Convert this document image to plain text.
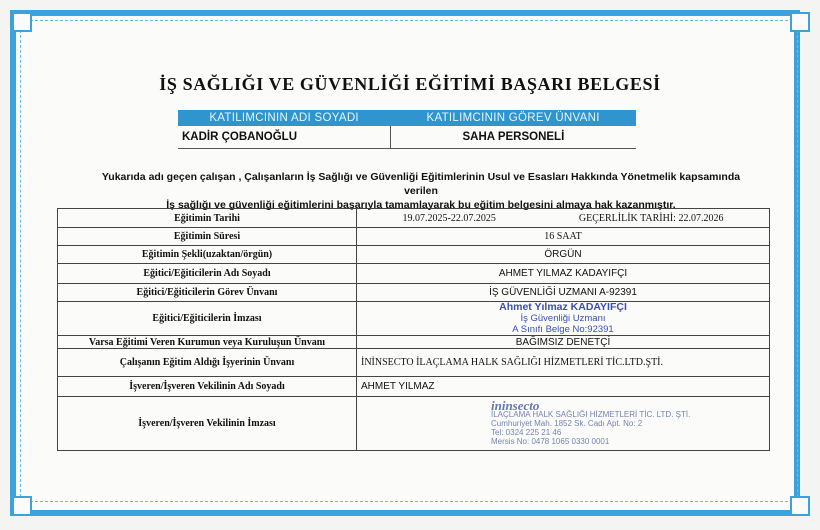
İŞ SAĞLIĞI VE GÜVENLİĞİ EĞİTİMİ BAŞARI BELGESİ
KATILIMCININ ADI SOYADI	KATILIMCININ GÖREV ÜNVANI
KADİR ÇOBANOĞLU	SAHA PERSONELİ
Yukarıda adı geçen çalışan , Çalışanların İş Sağlığı ve Güvenliği Eğitimlerinin Usul ve Esasları Hakkında Yönetmelik kapsamında verilen
İş sağlığı ve güvenliği eğitimlerini başarıyla tamamlayarak bu eğitim belgesini almaya hak kazanmıştır.
Eğitimin Tarihi	19.07.2025-22.07.2025 GEÇERLİLİK TARİHİ: 22.07.2026

Eğitimin Süresi	16 SAAT
Eğitimin Şekli(uzaktan/örgün)	ÖRGÜN
Eğitici/Eğiticilerin Adı Soyadı	AHMET YILMAZ KADAYIFÇI
Eğitici/Eğiticilerin Görev Ünvanı	İŞ GÜVENLİĞİ UZMANI A-92391
Eğitici/Eğiticilerin İmzası	Ahmet Yılmaz KADAYIFÇI
İş Güvenliği Uzmanı
A Sınıfı Belge No:92391

Varsa Eğitimi Veren Kurumun veya Kuruluşun Ünvanı	BAĞIMSIZ DENETÇİ
Çalışanın Eğitim Aldığı İşyerinin Ünvanı	İNİNSECTO İLAÇLAMA HALK SAĞLIĞI HİZMETLERİ TİC.LTD.ŞTİ.
İşveren/İşveren Vekilinin Adı Soyadı	AHMET YILMAZ
İşveren/İşveren Vekilinin İmzası	ininsecto
İLAÇLAMA HALK SAĞLIĞI HİZMETLERİ TİC. LTD. ŞTİ.
Cumhuriyet Mah. 1852 Sk. Cadı Apt. No: 2
Tel: 0324 225 21 46
Mersis No: 0478 1065 0330 0001
